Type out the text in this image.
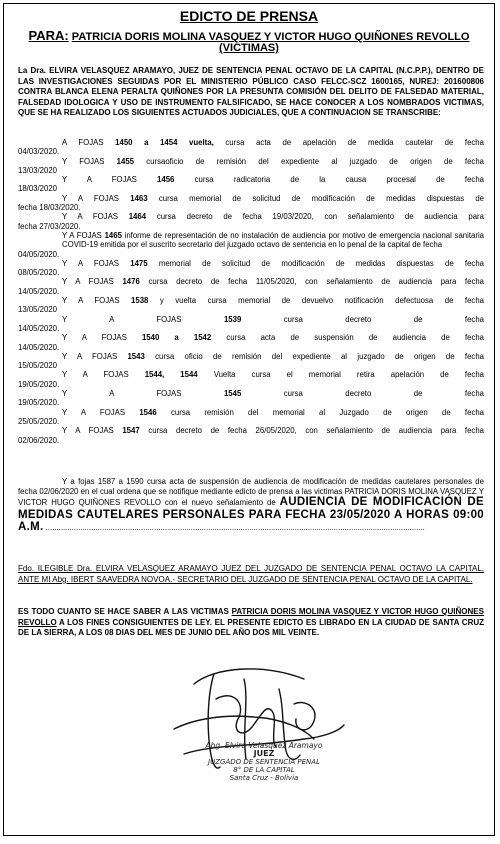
EDICTO DE PRENSA
PARA: PATRICIA DORIS MOLINA VASQUEZ Y VICTOR HUGO QUIÑONES REVOLLO
(VICTIMAS)
La Dra. ELVIRA VELASQUEZ ARAMAYO, JUEZ DE SENTENCIA PENAL OCTAVO DE LA CAPITAL (N.C.P.P.), DENTRO DE LAS INVESTIGACIONES SEGUIDAS POR EL MINISTERIO PÚBLICO CASO FELCC-SCZ 1600165, NUREJ: 201600806 CONTRA BLANCA ELENA PERALTA QUIÑONES POR LA PRESUNTA COMISIÓN DEL DELITO DE FALSEDAD MATERIAL, FALSEDAD IDOLOGICA Y USO DE INSTRUMENTO FALSIFICADO, SE HACE CONOCER A LOS NOMBRADOS VICTIMAS, QUE SE HA REALIZADO LOS SIGUIENTES ACTUADOS JUDICIALES, QUE A CONTINUACION SE TRANSCRIBE:
A FOJAS 1450 a 1454 vuelta, cursa acta de apelación de medida cautelar de fecha
04/03/2020. .....
Y FOJAS 1455 cursaoficio de remisión del expediente al juzgado de origen de fecha
13/03/2020 .....
Y A FOJAS	1456	cursa radicatoria de la causa procesal de fecha
18/03/2020 .....
Y A FOJAS 1463 cursa memorial de solicitud de modificación de medidas dispuestas de
fecha 18/03/2020. .....
Y A FOJAS 1464 cursa decreto de fecha 19/03/2020, con señalamiento de audiencia para
fecha 27/03/2020. .....
Y A FOJAS 1465 informe de representación de no instalación de audiencia por motivo de emergencia nacional sanitaria COVID-19 emitida por el suscrito secretario del juzgado octavo de sentencia en lo penal de la capital de fecha
04/05/2020. .....
Y A FOJAS 1475 memorial de solicitud de modificación de medidas dispuestas de fecha
08/05/2020. .....
Y A FOJAS 1476 cursa decreto de fecha 11/05/2020, con señalamiento de audiencia para fecha
14/05/2020. .....
Y A FOJAS 1538 y vuelta cursa memorial de devuelvo notificación defectuosa de fecha
13/05/2020 .....
Y A FOJAS	1539	cursa decreto de fecha
14/05/2020. .....
Y A FOJAS 1540 a 1542 cursa acta de suspensión de audiencia de fecha
14/05/2020. .....
Y A FOJAS 1543 cursa oficio de remisión del expediente al juzgado de origen de fecha
15/05/2020 .....
Y A FOJAS 1544, 1544 Vuelta cursa el memorial retira apelación de fecha
19/05/2020. .....
Y A FOJAS	1545	cursa decreto de fecha
19/05/2020. .....
Y A FOJAS 1546 cursa remisión del memorial al Juzgado de origen de fecha
25/05/2020. .....
Y A FOJAS 1547 cursa decreto de fecha 26/05/2020, con señalamiento de audiencia para fecha
02/06/2020. .....
Y a fojas 1587 a 1590 cursa acta de suspensión de audiencia de modificación de medidas cautelares personales de fecha 02/06/2020 en el cual ordena que se notifique mediante edicto de prensa a las victimas PATRICIA DORIS MOLINA VASQUEZ Y VICTOR HUGO QUIÑONES REVOLLO con el nuevo señalamiento de AUDIENCIA DE MODIFICACIÓN DE MEDIDAS CAUTELARES PERSONALES PARA FECHA 23/05/2020 A HORAS 09:00 A.M. .....
Fdo. ILEGIBLE Dra. ELVIRA VELASQUEZ ARAMAYO JUEZ DEL JUZGADO DE SENTENCIA PENAL OCTAVO LA CAPITAL, ANTE MI Abg. IBERT SAAVEDRA NOVOA.- SECRETARIO DEL JUZGADO DE SENTENCIA PENAL OCTAVO DE LA CAPITAL.
ES TODO CUANTO SE HACE SABER A LAS VICTIMAS PATRICIA DORIS MOLINA VASQUEZ Y VICTOR HUGO QUIÑONES REVOLLO A LOS FINES CONSIGUIENTES DE LEY. EL PRESENTE EDICTO ES LIBRADO EN LA CIUDAD DE SANTA CRUZ DE LA SIERRA, A LOS 08 DIAS DEL MES DE JUNIO DEL AÑO DOS MIL VEINTE.
Abg. Elvira Velasquez Aramayo
JUEZ
JUZGADO DE SENTENCIA PENAL
8° DE LA CAPITAL
Santa Cruz - Bolivia
